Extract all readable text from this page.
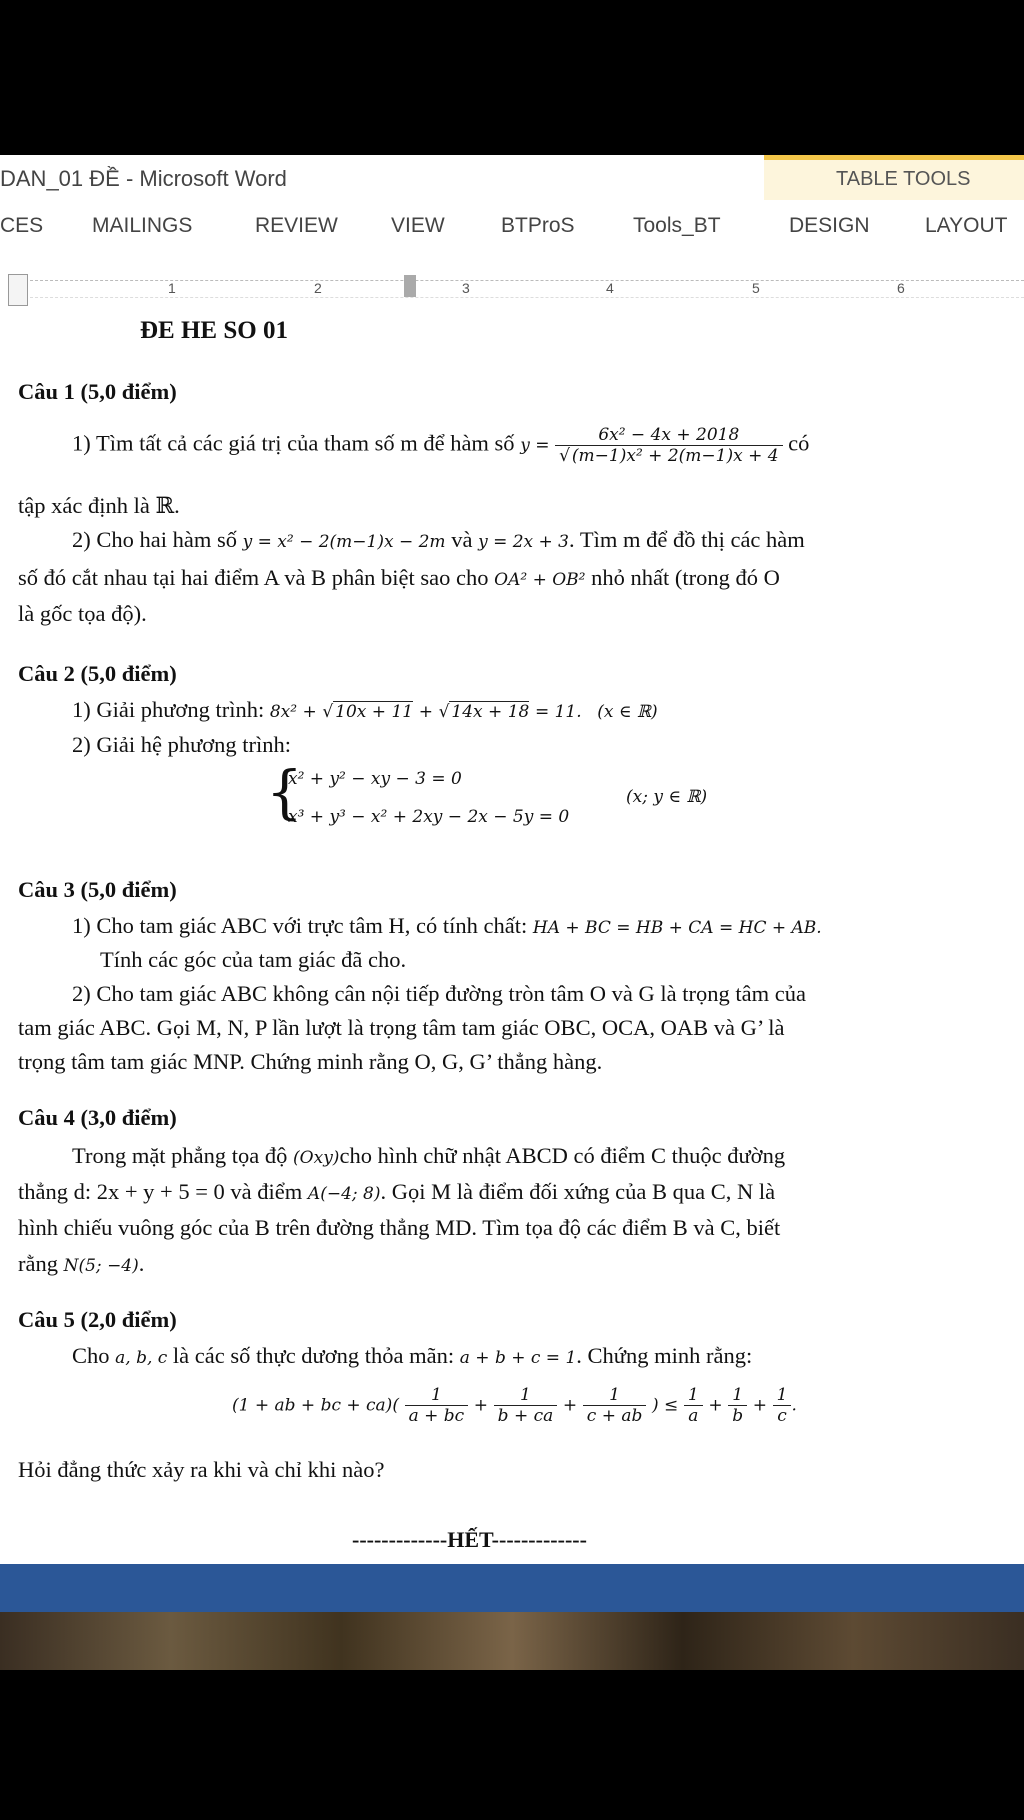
DAN_01 ĐỀ - Microsoft Word	TABLE TOOLS
CES MAILINGS	REVIEW	VIEW	BTProS	Tools_BT	DESIGN	LAYOUT
1	2	3	4	5	6
ĐE HE SO 01
Câu 1 (5,0 điểm)
1) Tìm tất cả các giá trị của tham số m để hàm số $y = \frac{\text{6x² − 4x + 2018}}{\text{√ (m−1)x² + 2(m−1)x + 4}}$ có
tập xác định là ℝ.
2) Cho hai hàm số y = x² − 2(m−1)x − 2m và y = 2x + 3. Tìm m để đồ thị các hàm
số đó cắt nhau tại hai điểm A và B phân biệt sao cho OA² + OB² nhỏ nhất (trong đó O
là gốc tọa độ).
Câu 2 (5,0 điểm)
1) Giải phương trình: 8x² + √ 10x + 11 + √ 14x + 18 = 11. (x ∈ ℝ)
2) Giải hệ phương trình:
{
x² + y² − xy − 3 = 0
x³ + y³ − x² + 2xy − 2x − 5y = 0
(x; y ∈ ℝ)
Câu 3 (5,0 điểm)
1) Cho tam giác ABC với trực tâm H, có tính chất: HA + BC = HB + CA = HC + AB.
Tính các góc của tam giác đã cho.
2) Cho tam giác ABC không cân nội tiếp đường tròn tâm O và G là trọng tâm của
tam giác ABC. Gọi M, N, P lần lượt là trọng tâm tam giác OBC, OCA, OAB và G’ là
trọng tâm tam giác MNP. Chứng minh rằng O, G, G’ thẳng hàng.
Câu 4 (3,0 điểm)
Trong mặt phẳng tọa độ (Oxy)cho hình chữ nhật ABCD có điểm C thuộc đường
thẳng d: 2x + y + 5 = 0 và điểm A(−4; 8). Gọi M là điểm đối xứng của B qua C, N là
hình chiếu vuông góc của B trên đường thẳng MD. Tìm tọa độ các điểm B và C, biết
rằng N(5; −4).
Câu 5 (2,0 điểm)
Cho a, b, c là các số thực dương thỏa mãn: a + b + c = 1. Chứng minh rằng:
(1 + ab + bc + $ca)( \frac{1}{a + bc} + \frac{1}{b + ca} + \frac{1}{c + ab}$ ) ≤ $\frac{1}{a} + \frac{1}{b} + \frac{1}{c}$ .
Hỏi đẳng thức xảy ra khi và chỉ khi nào?
-------------HẾT-------------
